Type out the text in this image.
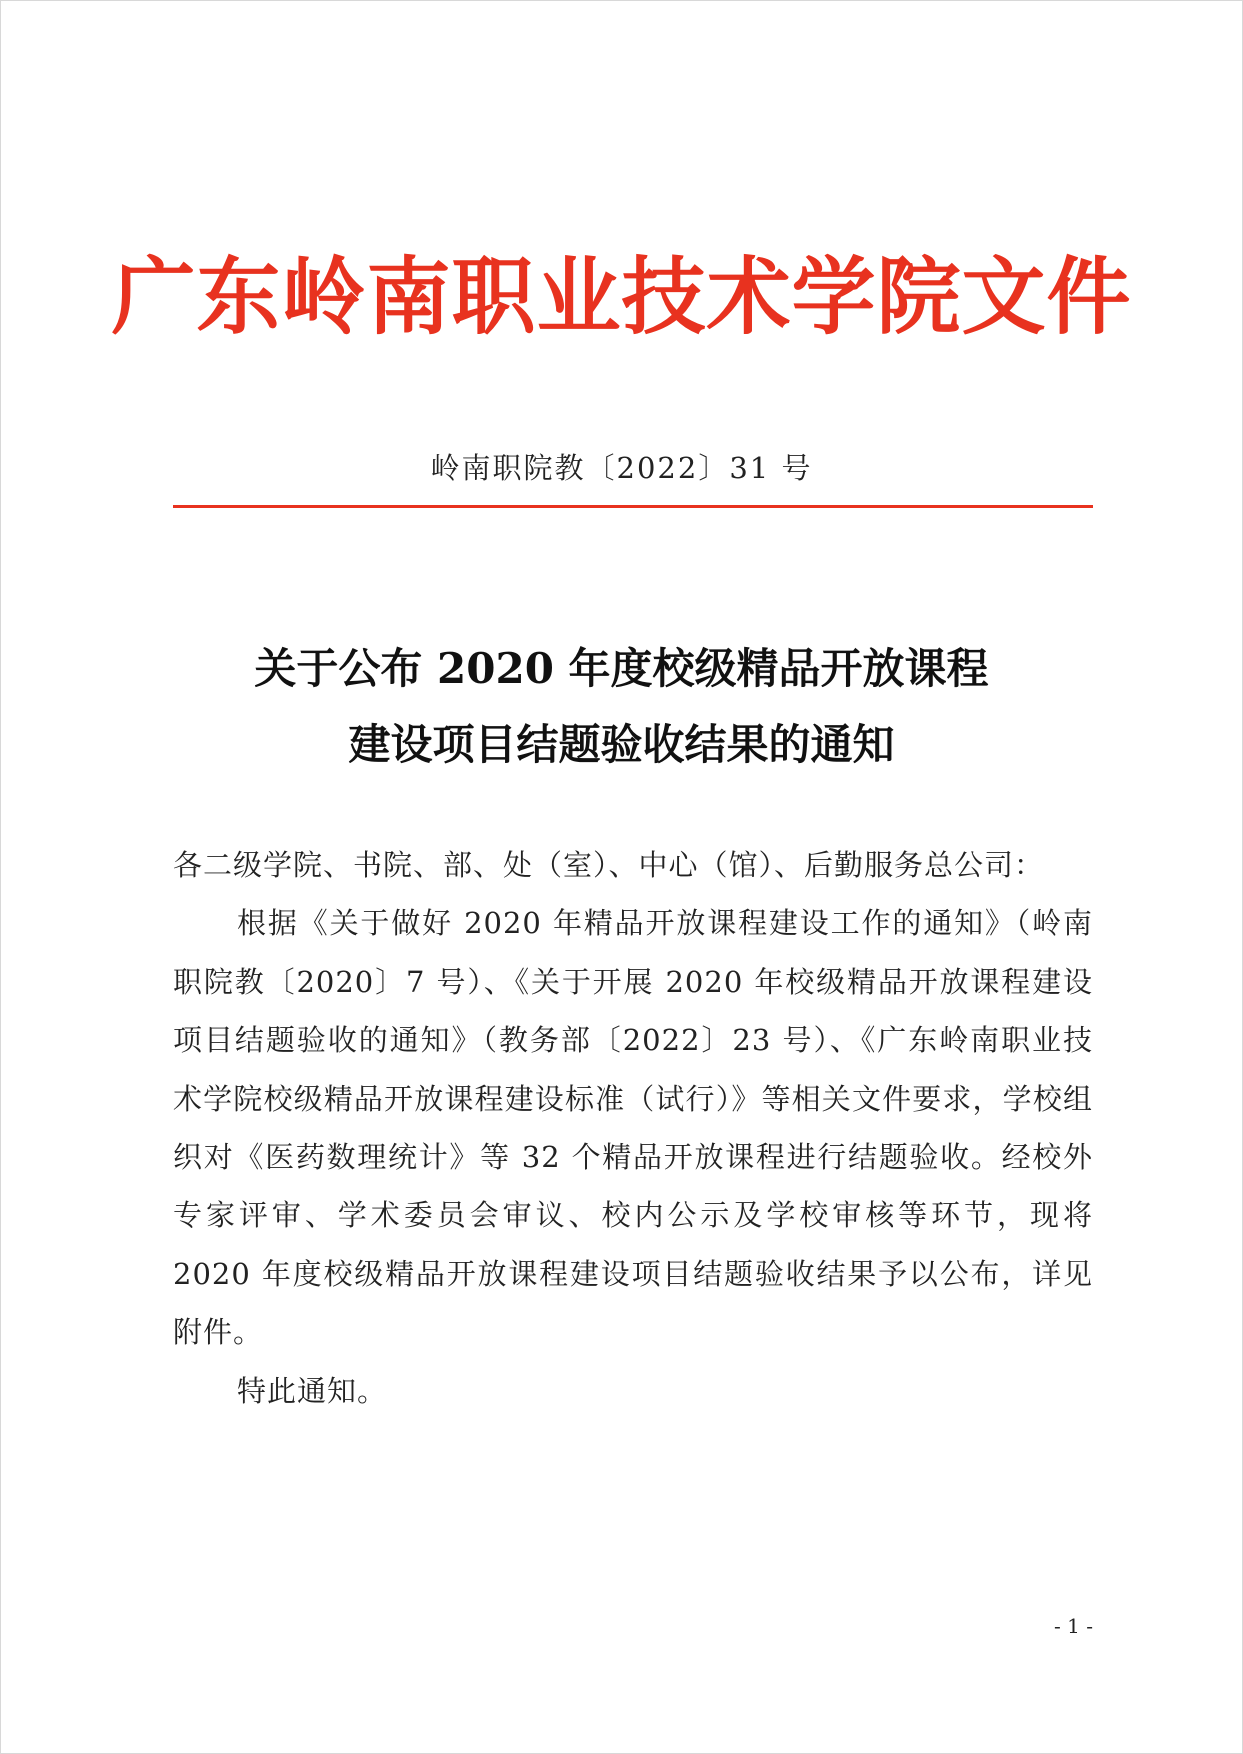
广东岭南职业技术学院文件
岭南职院教〔2022〕31 号
关于公布 2020 年度校级精品开放课程
建设项目结题验收结果的通知

各二级学院、书院、部、处（室）、中心（馆）、后勤服务总公司：

根据《关于做好 2020 年精品开放课程建设工作的通知》（岭南职院教〔2020〕7 号）、《关于开展 2020 年校级精品开放课程建设项目结题验收的通知》（教务部〔2022〕23 号）、《广东岭南职业技术学院校级精品开放课程建设标准（试行）》等相关文件要求，学校组织对《医药数理统计》等 32 个精品开放课程进行结题验收。经校外专家评审、学术委员会审议、校内公示及学校审核等环节，现将 2020 年度校级精品开放课程建设项目结题验收结果予以公布，详见附件。

特此通知。

- 1 -
